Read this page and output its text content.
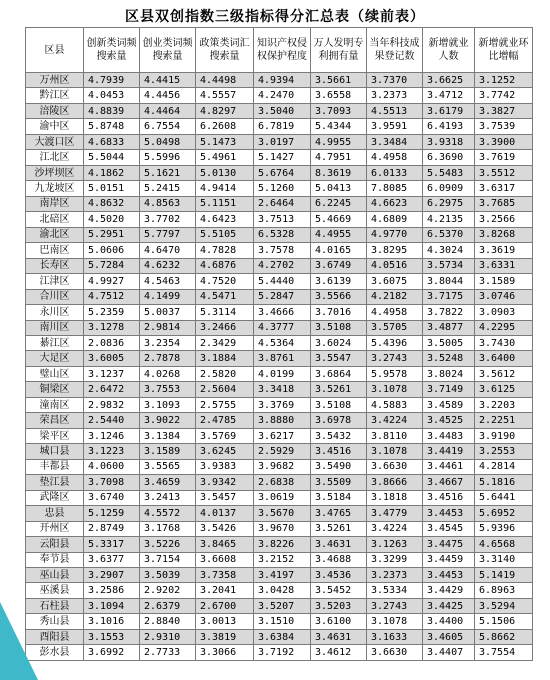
区县双创指数三级指标得分汇总表（续前表）
区县	创新类词频搜索量	创业类词频搜索量	政策类词汇搜索量	知识产权侵权保护程度	万人发明专利拥有量	当年科技成果登记数	新增就业人数	新增就业环比增幅
万州区	4.7939	4.4415	4.4498	4.9394	3.5661	3.7370	3.6625	3.1252
黔江区	4.0453	4.4456	4.5557	4.2470	3.6558	3.2373	3.4712	3.7742
涪陵区	4.8839	4.4464	4.8297	3.5040	3.7093	4.5513	3.6179	3.3827
渝中区	5.8748	6.7554	6.2608	6.7819	5.4344	3.9591	6.4193	3.7539
大渡口区	4.6833	5.0498	5.1473	3.0197	4.9955	3.3484	3.9318	3.3900
江北区	5.5044	5.5996	5.4961	5.1427	4.7951	4.4958	6.3690	3.7619
沙坪坝区	4.1862	5.1621	5.0130	5.6764	8.3619	6.0133	5.5483	3.5512
九龙坡区	5.0151	5.2415	4.9414	5.1260	5.0413	7.8085	6.0909	3.6317
南岸区	4.8632	4.8563	5.1151	2.6464	6.2245	4.6623	6.2975	3.7685
北碚区	4.5020	3.7702	4.6423	3.7513	5.4669	4.6809	4.2135	3.2566
渝北区	5.2951	5.7797	5.5105	6.5328	4.4955	4.9770	6.5370	3.8268
巴南区	5.0606	4.6470	4.7828	3.7578	4.0165	3.8295	4.3024	3.3619
长寿区	5.7284	4.6232	4.6876	4.2702	3.6749	4.0516	3.5734	3.6331
江津区	4.9927	4.5463	4.7520	5.4440	3.6139	3.6075	3.8044	3.1589
合川区	4.7512	4.1499	4.5471	5.2847	3.5566	4.2182	3.7175	3.0746
永川区	5.2359	5.0037	5.3114	3.4666	3.7016	4.4958	3.7822	3.0903
南川区	3.1278	2.9814	3.2466	4.3777	3.5108	3.5705	3.4877	4.2295
綦江区	2.0836	3.2354	2.3429	4.5364	3.6024	5.4396	3.5005	3.7430
大足区	3.6005	2.7878	3.1884	3.8761	3.5547	3.2743	3.5248	3.6400
璧山区	3.1237	4.0268	2.5820	4.0199	3.6864	5.9578	3.8024	3.5612
铜梁区	2.6472	3.7553	2.5604	3.3418	3.5261	3.1078	3.7149	3.6125
潼南区	2.9832	3.1093	2.5755	3.3769	3.5108	4.5883	3.4589	3.2203
荣昌区	2.5440	3.9022	2.4785	3.8880	3.6978	3.4224	3.4525	2.2251
梁平区	3.1246	3.1384	3.5769	3.6217	3.5432	3.8110	3.4483	3.9190
城口县	3.1223	3.1589	3.6245	2.5929	3.4516	3.1078	3.4419	3.2553
丰都县	4.0600	3.5565	3.9383	3.9682	3.5490	3.6630	3.4461	4.2814
垫江县	3.7098	3.4659	3.9342	2.6838	3.5509	3.8666	3.4667	5.1816
武隆区	3.6740	3.2413	3.5457	3.0619	3.5184	3.1818	3.4516	5.6441
忠县	5.1259	4.5572	4.0137	3.5670	3.4765	3.4779	3.4453	5.6952
开州区	2.8749	3.1768	3.5426	3.9670	3.5261	3.4224	3.4545	5.9396
云阳县	5.3317	3.5226	3.8465	3.8226	3.4631	3.1263	3.4475	4.6568
奉节县	3.6377	3.7154	3.6608	3.2152	3.4688	3.3299	3.4459	3.3140
巫山县	3.2907	3.5039	3.7358	3.4197	3.4536	3.2373	3.4453	5.1419
巫溪县	3.2586	2.9202	3.2041	3.0428	3.5452	3.5334	3.4429	6.8963
石柱县	3.1094	2.6379	2.6700	3.5207	3.5203	3.2743	3.4425	3.5294
秀山县	3.1016	2.8840	3.0013	3.1510	3.6100	3.1078	3.4400	5.1506
酉阳县	3.1553	2.9310	3.3819	3.6384	3.4631	3.1633	3.4605	5.8662
彭水县	3.6992	2.7733	3.3066	3.7192	3.4612	3.6630	3.4407	3.7554
